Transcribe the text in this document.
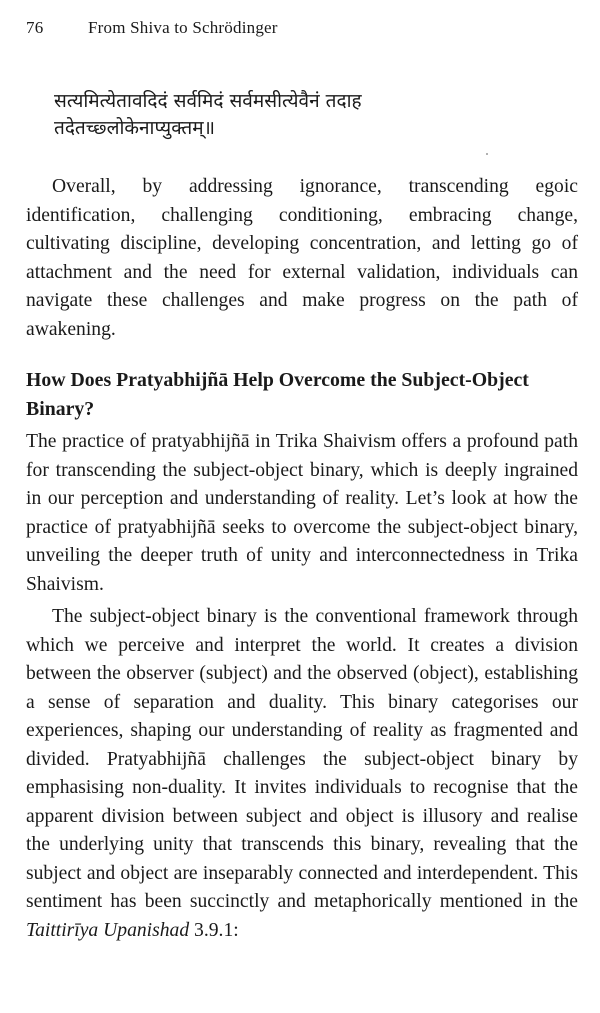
76	From Shiva to Schrödinger
सत्यमित्येतावदिदं सर्वमिदं सर्वमसीत्येवैनं तदाह
तदेतच्छ्लोकेनाप्युक्तम्॥

Overall, by addressing ignorance, transcending egoic identification, challenging conditioning, embracing change, cultivating discipline, developing concentration, and letting go of attachment and the need for external validation, individuals can navigate these challenges and make progress on the path of awakening.

How Does Pratyabhijñā Help Overcome the Subject-Object Binary?

The practice of pratyabhijñā in Trika Shaivism offers a profound path for transcending the subject-object binary, which is deeply ingrained in our perception and understanding of reality. Let’s look at how the practice of pratyabhijñā seeks to overcome the subject-object binary, unveiling the deeper truth of unity and interconnectedness in Trika Shaivism.

The subject-object binary is the conventional framework through which we perceive and interpret the world. It creates a division between the observer (subject) and the observed (object), establishing a sense of separation and duality. This binary categorises our experiences, shaping our understanding of reality as fragmented and divided. Pratyabhijñā challenges the subject-object binary by emphasising non-duality. It invites individuals to recognise that the apparent division between subject and object is illusory and realise the underlying unity that transcends this binary, revealing that the subject and object are inseparably connected and interdependent. This sentiment has been succinctly and metaphorically mentioned in the Taittirīya Upanishad 3.9.1:
